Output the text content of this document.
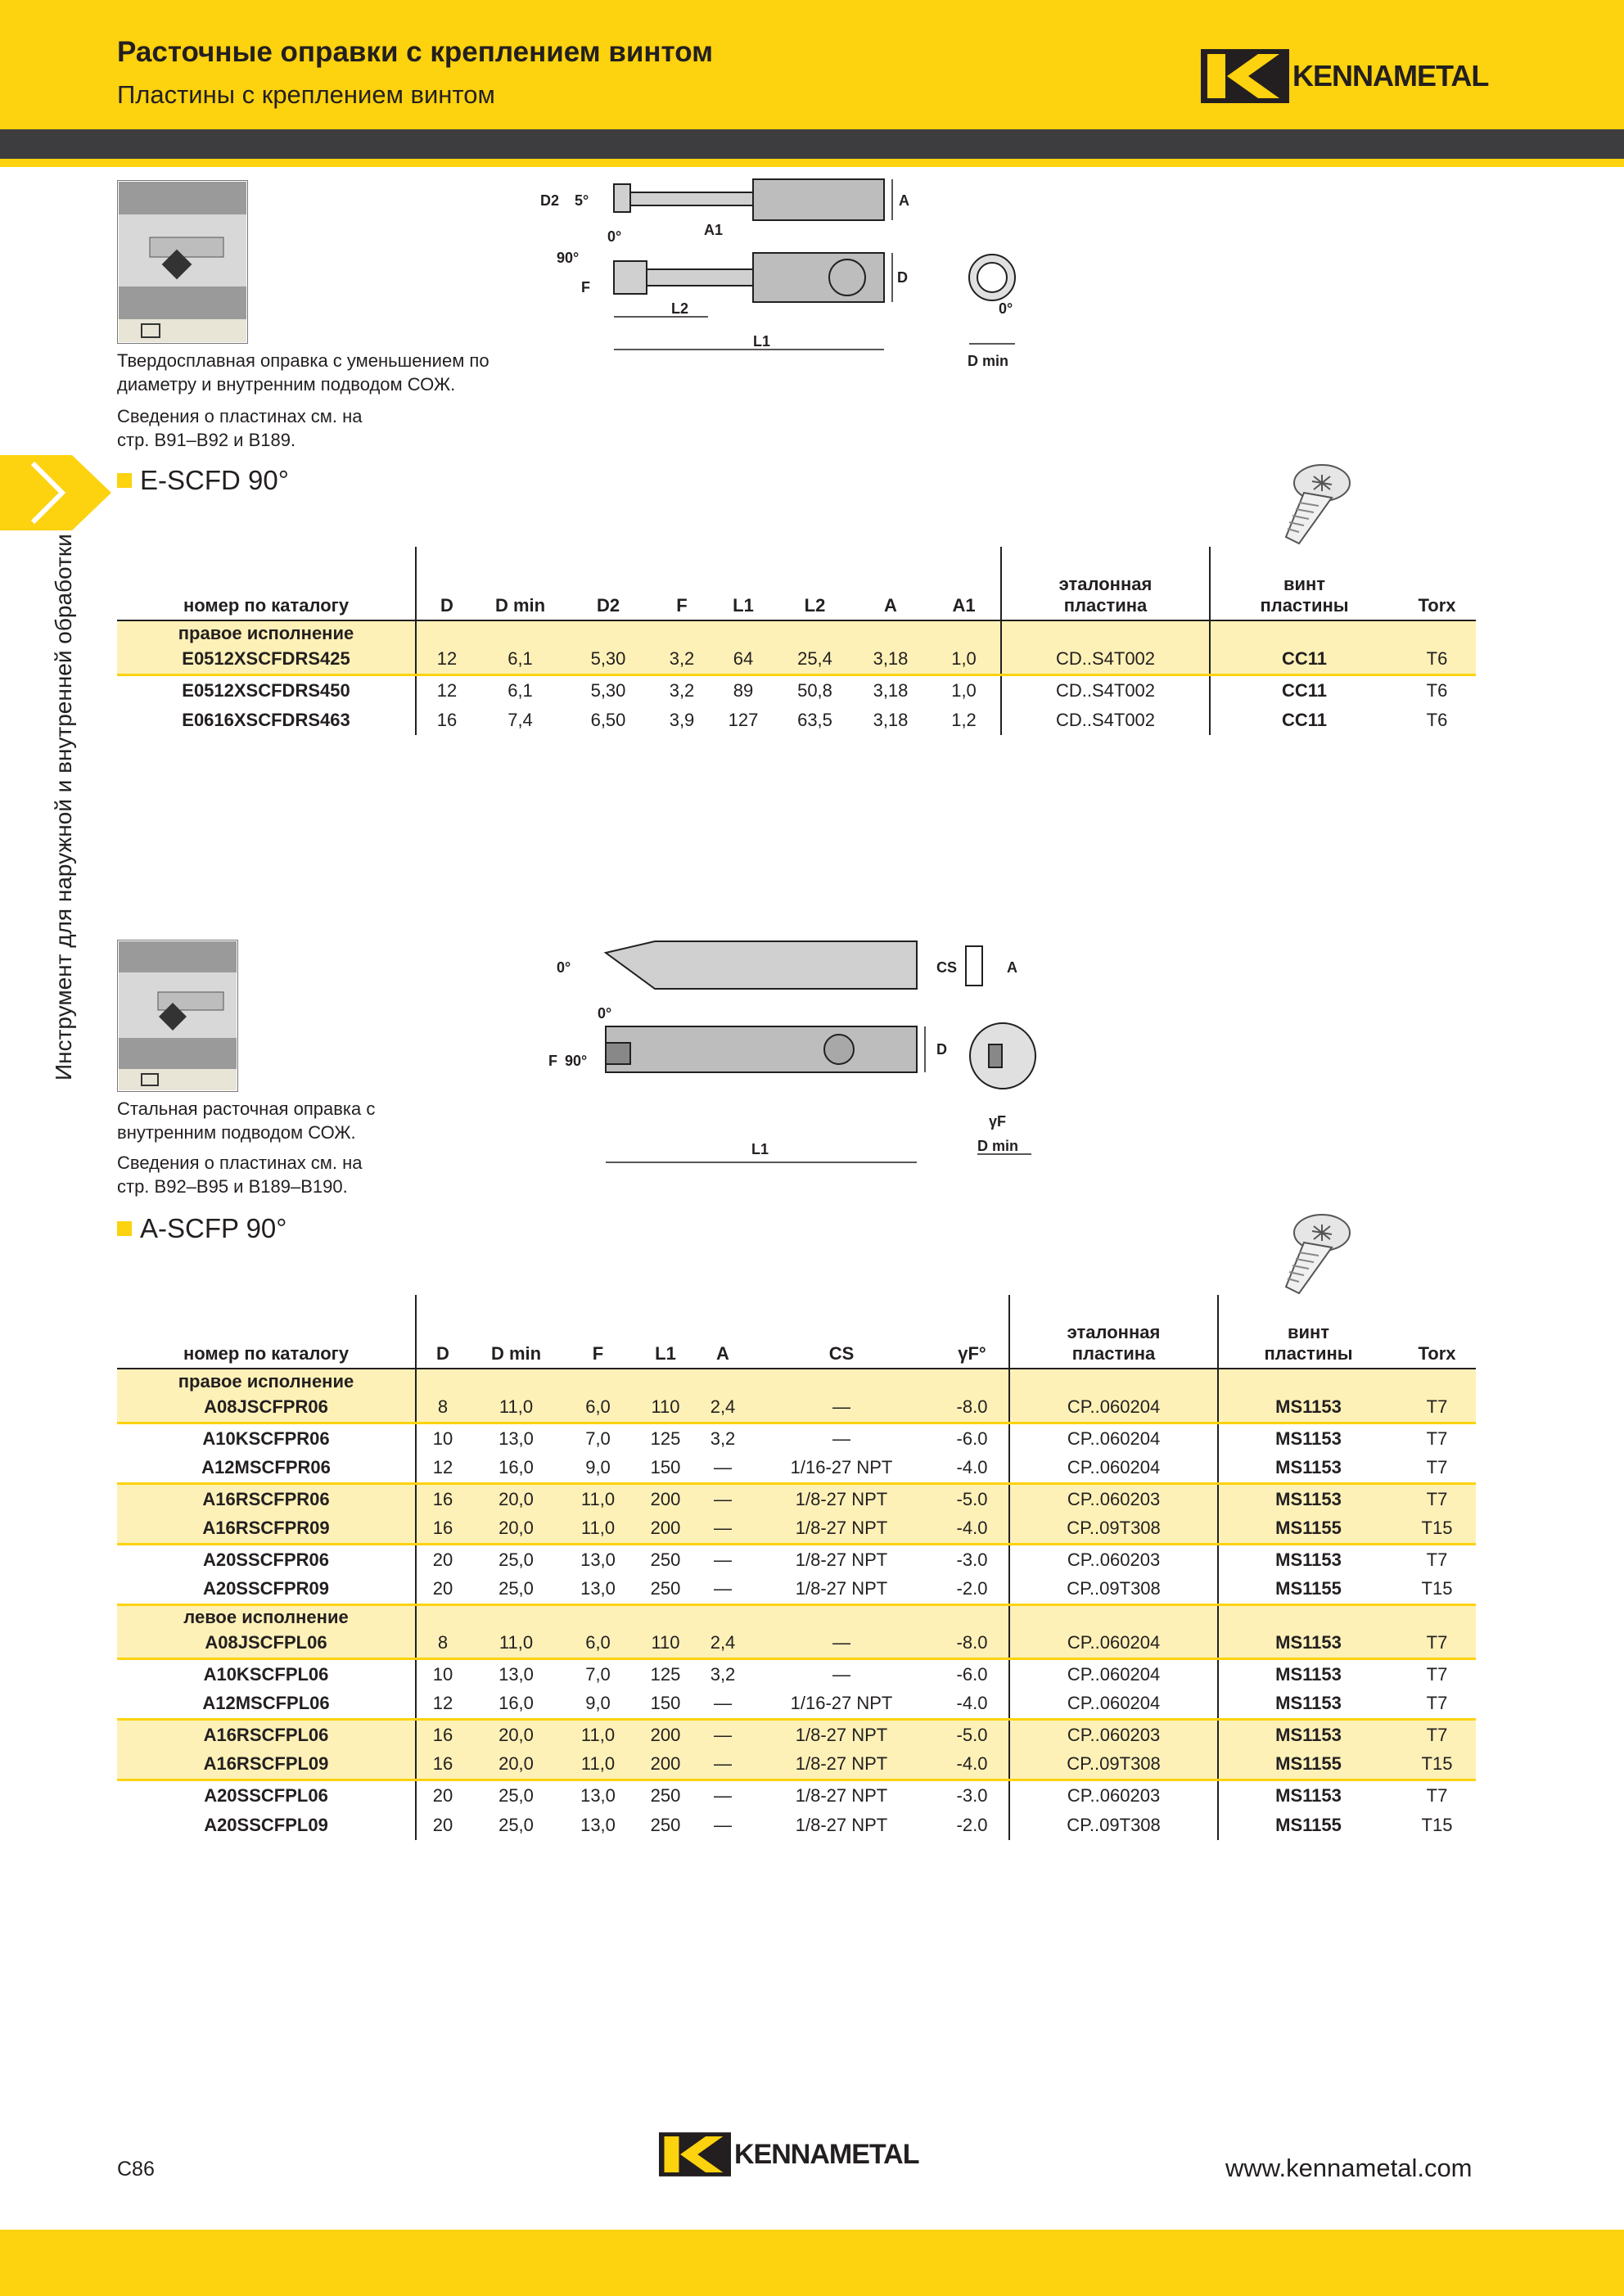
Расточные оправки с креплением винтом
Пластины с креплением винтом
KENNAMETAL
Инструмент для наружной и внутренней обработки
Твердосплавная оправка с уменьшением по диаметру и внутренним подводом СОЖ.
Сведения о пластинах см. на стр. B91–B92 и B189.
D2 5°	A
A1
0°
90°
F
D
0°
L2
L1
D min
E-SCFD 90°
номер по каталогу	D	D min	D2	F	L1	L2	A	A1	эталонная пластина	винт пластины	Torx
правое исполнение											
E0512XSCFDRS425	12	6,1	5,30	3,2	64	25,4	3,18	1,0	CD..S4T002	CC11	T6
E0512XSCFDRS450	12	6,1	5,30	3,2	89	50,8	3,18	1,0	CD..S4T002	CC11	T6
E0616XSCFDRS463	16	7,4	6,50	3,9	127	63,5	3,18	1,2	CD..S4T002	CC11	T6
Стальная расточная оправка с внутренним подводом СОЖ.
Сведения о пластинах см. на стр. B92–B95 и B189–B190.
0°	CS	A
0°
F 90°
D
γF
L1	D min
A-SCFP 90°
номер по каталогу	D	D min	F	L1	A	CS	γF°	эталонная пластина	винт пластины	Torx
правое исполнение										
A08JSCFPR06	8	11,0	6,0	110	2,4	—	-8.0	CP..060204	MS1153	T7
A10KSCFPR06	10	13,0	7,0	125	3,2	—	-6.0	CP..060204	MS1153	T7
A12MSCFPR06	12	16,0	9,0	150	—	1/16-27 NPT	-4.0	CP..060204	MS1153	T7
A16RSCFPR06	16	20,0	11,0	200	—	1/8-27 NPT	-5.0	CP..060203	MS1153	T7
A16RSCFPR09	16	20,0	11,0	200	—	1/8-27 NPT	-4.0	CP..09T308	MS1155	T15
A20SSCFPR06	20	25,0	13,0	250	—	1/8-27 NPT	-3.0	CP..060203	MS1153	T7
A20SSCFPR09	20	25,0	13,0	250	—	1/8-27 NPT	-2.0	CP..09T308	MS1155	T15
левое исполнение										
A08JSCFPL06	8	11,0	6,0	110	2,4	—	-8.0	CP..060204	MS1153	T7
A10KSCFPL06	10	13,0	7,0	125	3,2	—	-6.0	CP..060204	MS1153	T7
A12MSCFPL06	12	16,0	9,0	150	—	1/16-27 NPT	-4.0	CP..060204	MS1153	T7
A16RSCFPL06	16	20,0	11,0	200	—	1/8-27 NPT	-5.0	CP..060203	MS1153	T7
A16RSCFPL09	16	20,0	11,0	200	—	1/8-27 NPT	-4.0	CP..09T308	MS1155	T15
A20SSCFPL06	20	25,0	13,0	250	—	1/8-27 NPT	-3.0	CP..060203	MS1153	T7
A20SSCFPL09	20	25,0	13,0	250	—	1/8-27 NPT	-2.0	CP..09T308	MS1155	T15
C86	KENNAMETAL	www.kennametal.com
